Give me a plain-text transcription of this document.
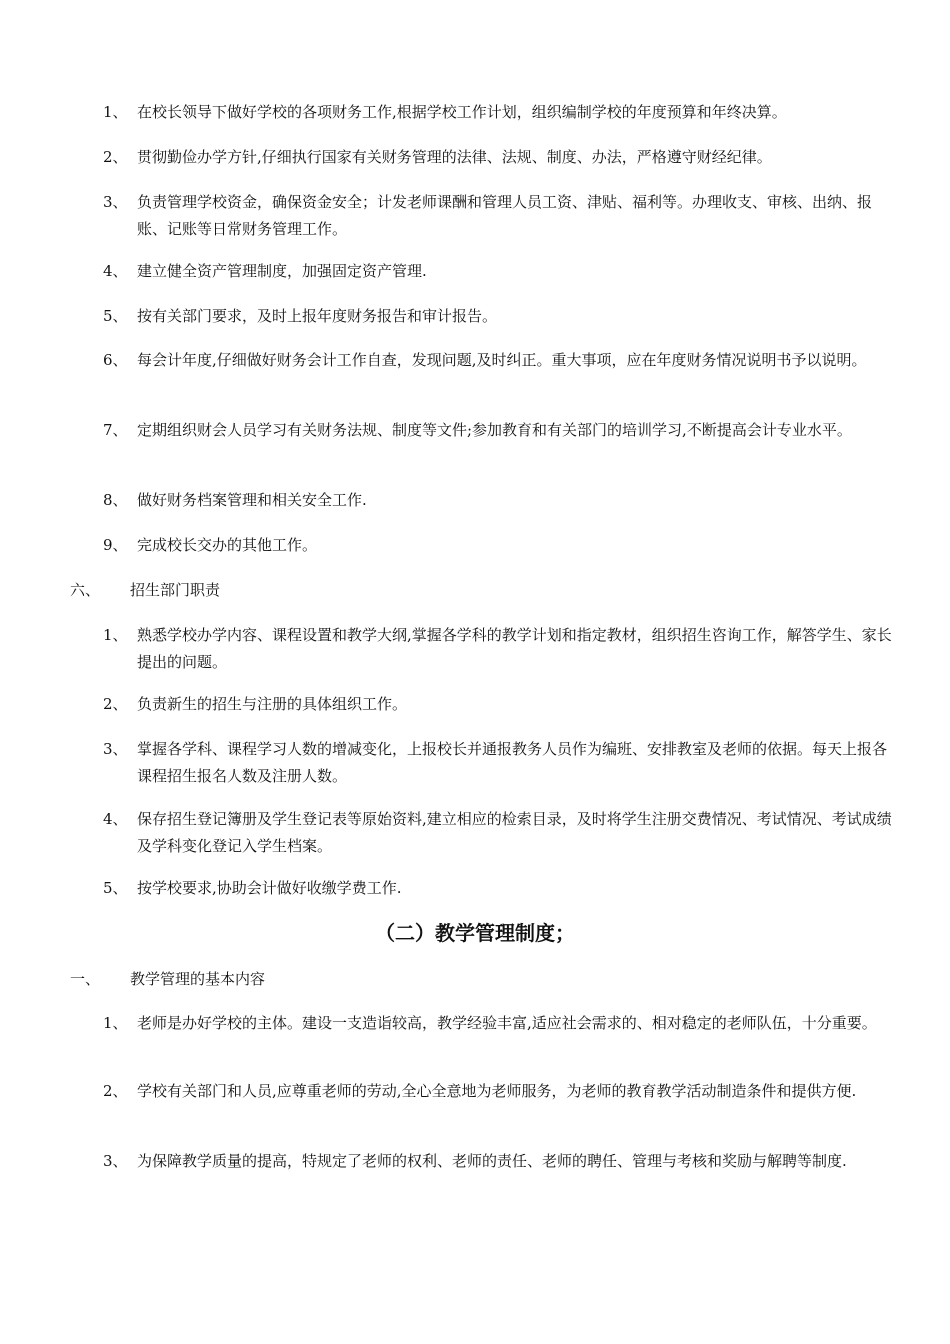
1、 在校长领导下做好学校的各项财务工作,根据学校工作计划，组织编制学校的年度预算和年终决算。
2、 贯彻勤俭办学方针,仔细执行国家有关财务管理的法律、法规、制度、办法，严格遵守财经纪律。
3、 负责管理学校资金，确保资金安全；计发老师课酬和管理人员工资、津贴、福利等。办理收支、审核、出纳、报账、记账等日常财务管理工作。
4、 建立健全资产管理制度，加强固定资产管理.
5、 按有关部门要求，及时上报年度财务报告和审计报告。
6、 每会计年度,仔细做好财务会计工作自查，发现问题,及时纠正。重大事项，应在年度财务情况说明书予以说明。
7、 定期组织财会人员学习有关财务法规、制度等文件;参加教育和有关部门的培训学习,不断提高会计专业水平。
8、 做好财务档案管理和相关安全工作.
9、 完成校长交办的其他工作。
六、 招生部门职责
1、 熟悉学校办学内容、课程设置和教学大纲,掌握各学科的教学计划和指定教材，组织招生咨询工作，解答学生、家长提出的问题。
2、 负责新生的招生与注册的具体组织工作。
3、 掌握各学科、课程学习人数的增减变化，上报校长并通报教务人员作为编班、安排教室及老师的依据。每天上报各课程招生报名人数及注册人数。
4、 保存招生登记簿册及学生登记表等原始资料,建立相应的检索目录，及时将学生注册交费情况、考试情况、考试成绩及学科变化登记入学生档案。
5、 按学校要求,协助会计做好收缴学费工作.
（二）教学管理制度；
一、 教学管理的基本内容
1、 老师是办好学校的主体。建设一支造诣较高，教学经验丰富,适应社会需求的、相对稳定的老师队伍，十分重要。
2、 学校有关部门和人员,应尊重老师的劳动,全心全意地为老师服务，为老师的教育教学活动制造条件和提供方便.
3、 为保障教学质量的提高，特规定了老师的权利、老师的责任、老师的聘任、管理与考核和奖励与解聘等制度.
